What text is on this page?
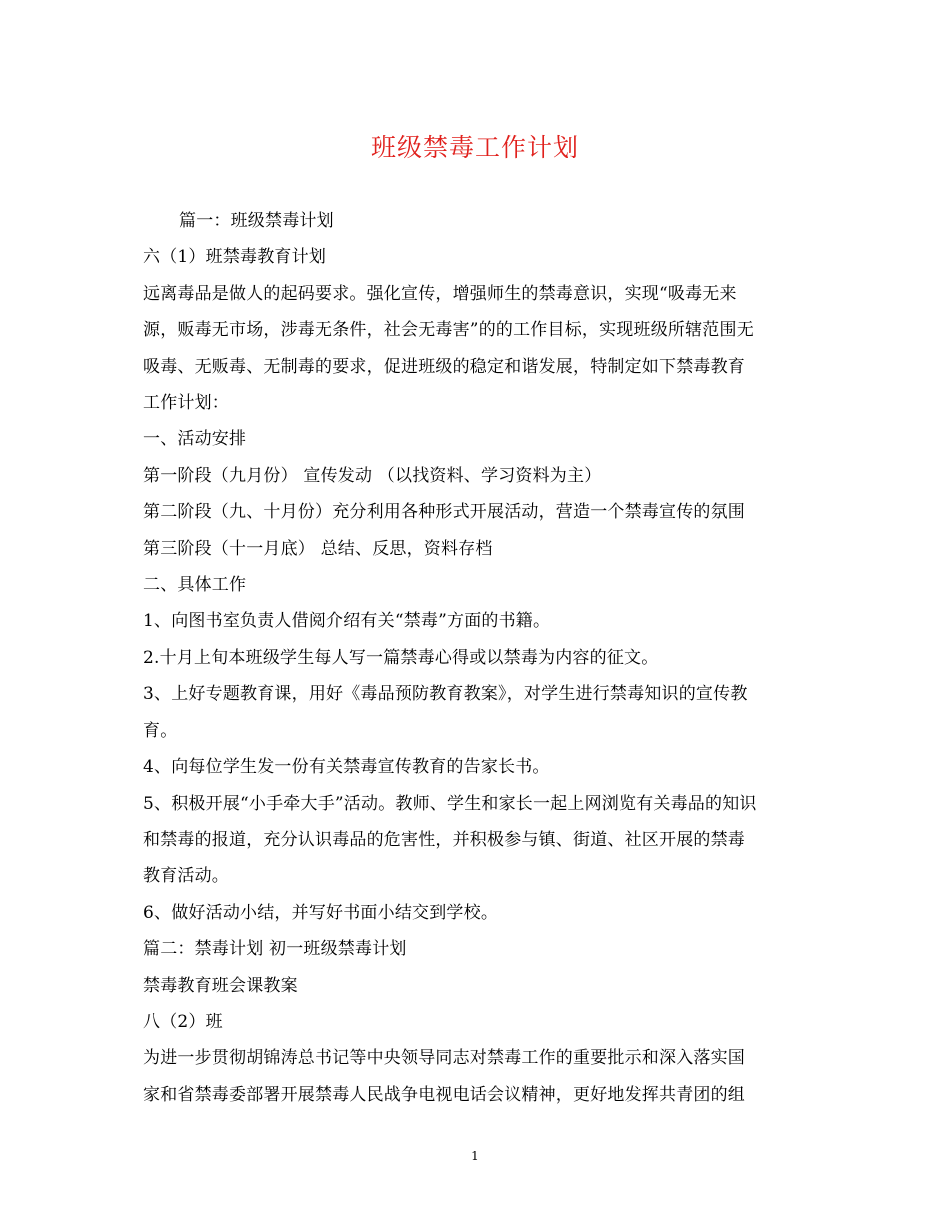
班级禁毒工作计划

篇一：班级禁毒计划

六（1）班禁毒教育计划

远离毒品是做人的起码要求。强化宣传，增强师生的禁毒意识，实现“吸毒无来

源，贩毒无市场，涉毒无条件，社会无毒害”的的工作目标，实现班级所辖范围无

吸毒、无贩毒、无制毒的要求，促进班级的稳定和谐发展，特制定如下禁毒教育

工作计划：

一、活动安排

第一阶段（九月份） 宣传发动 （以找资料、学习资料为主）

第二阶段（九、十月份）充分利用各种形式开展活动，营造一个禁毒宣传的氛围

第三阶段（十一月底） 总结、反思，资料存档

二、具体工作

1、向图书室负责人借阅介绍有关“禁毒”方面的书籍。

2.十月上旬本班级学生每人写一篇禁毒心得或以禁毒为内容的征文。

3、上好专题教育课，用好《毒品预防教育教案》，对学生进行禁毒知识的宣传教

育。

4、向每位学生发一份有关禁毒宣传教育的告家长书。

5、积极开展“小手牵大手”活动。教师、学生和家长一起上网浏览有关毒品的知识

和禁毒的报道，充分认识毒品的危害性，并积极参与镇、街道、社区开展的禁毒

教育活动。

6、做好活动小结，并写好书面小结交到学校。

篇二：禁毒计划 初一班级禁毒计划

禁毒教育班会课教案

八（2）班

为进一步贯彻胡锦涛总书记等中央领导同志对禁毒工作的重要批示和深入落实国

家和省禁毒委部署开展禁毒人民战争电视电话会议精神，更好地发挥共青团的组

1
